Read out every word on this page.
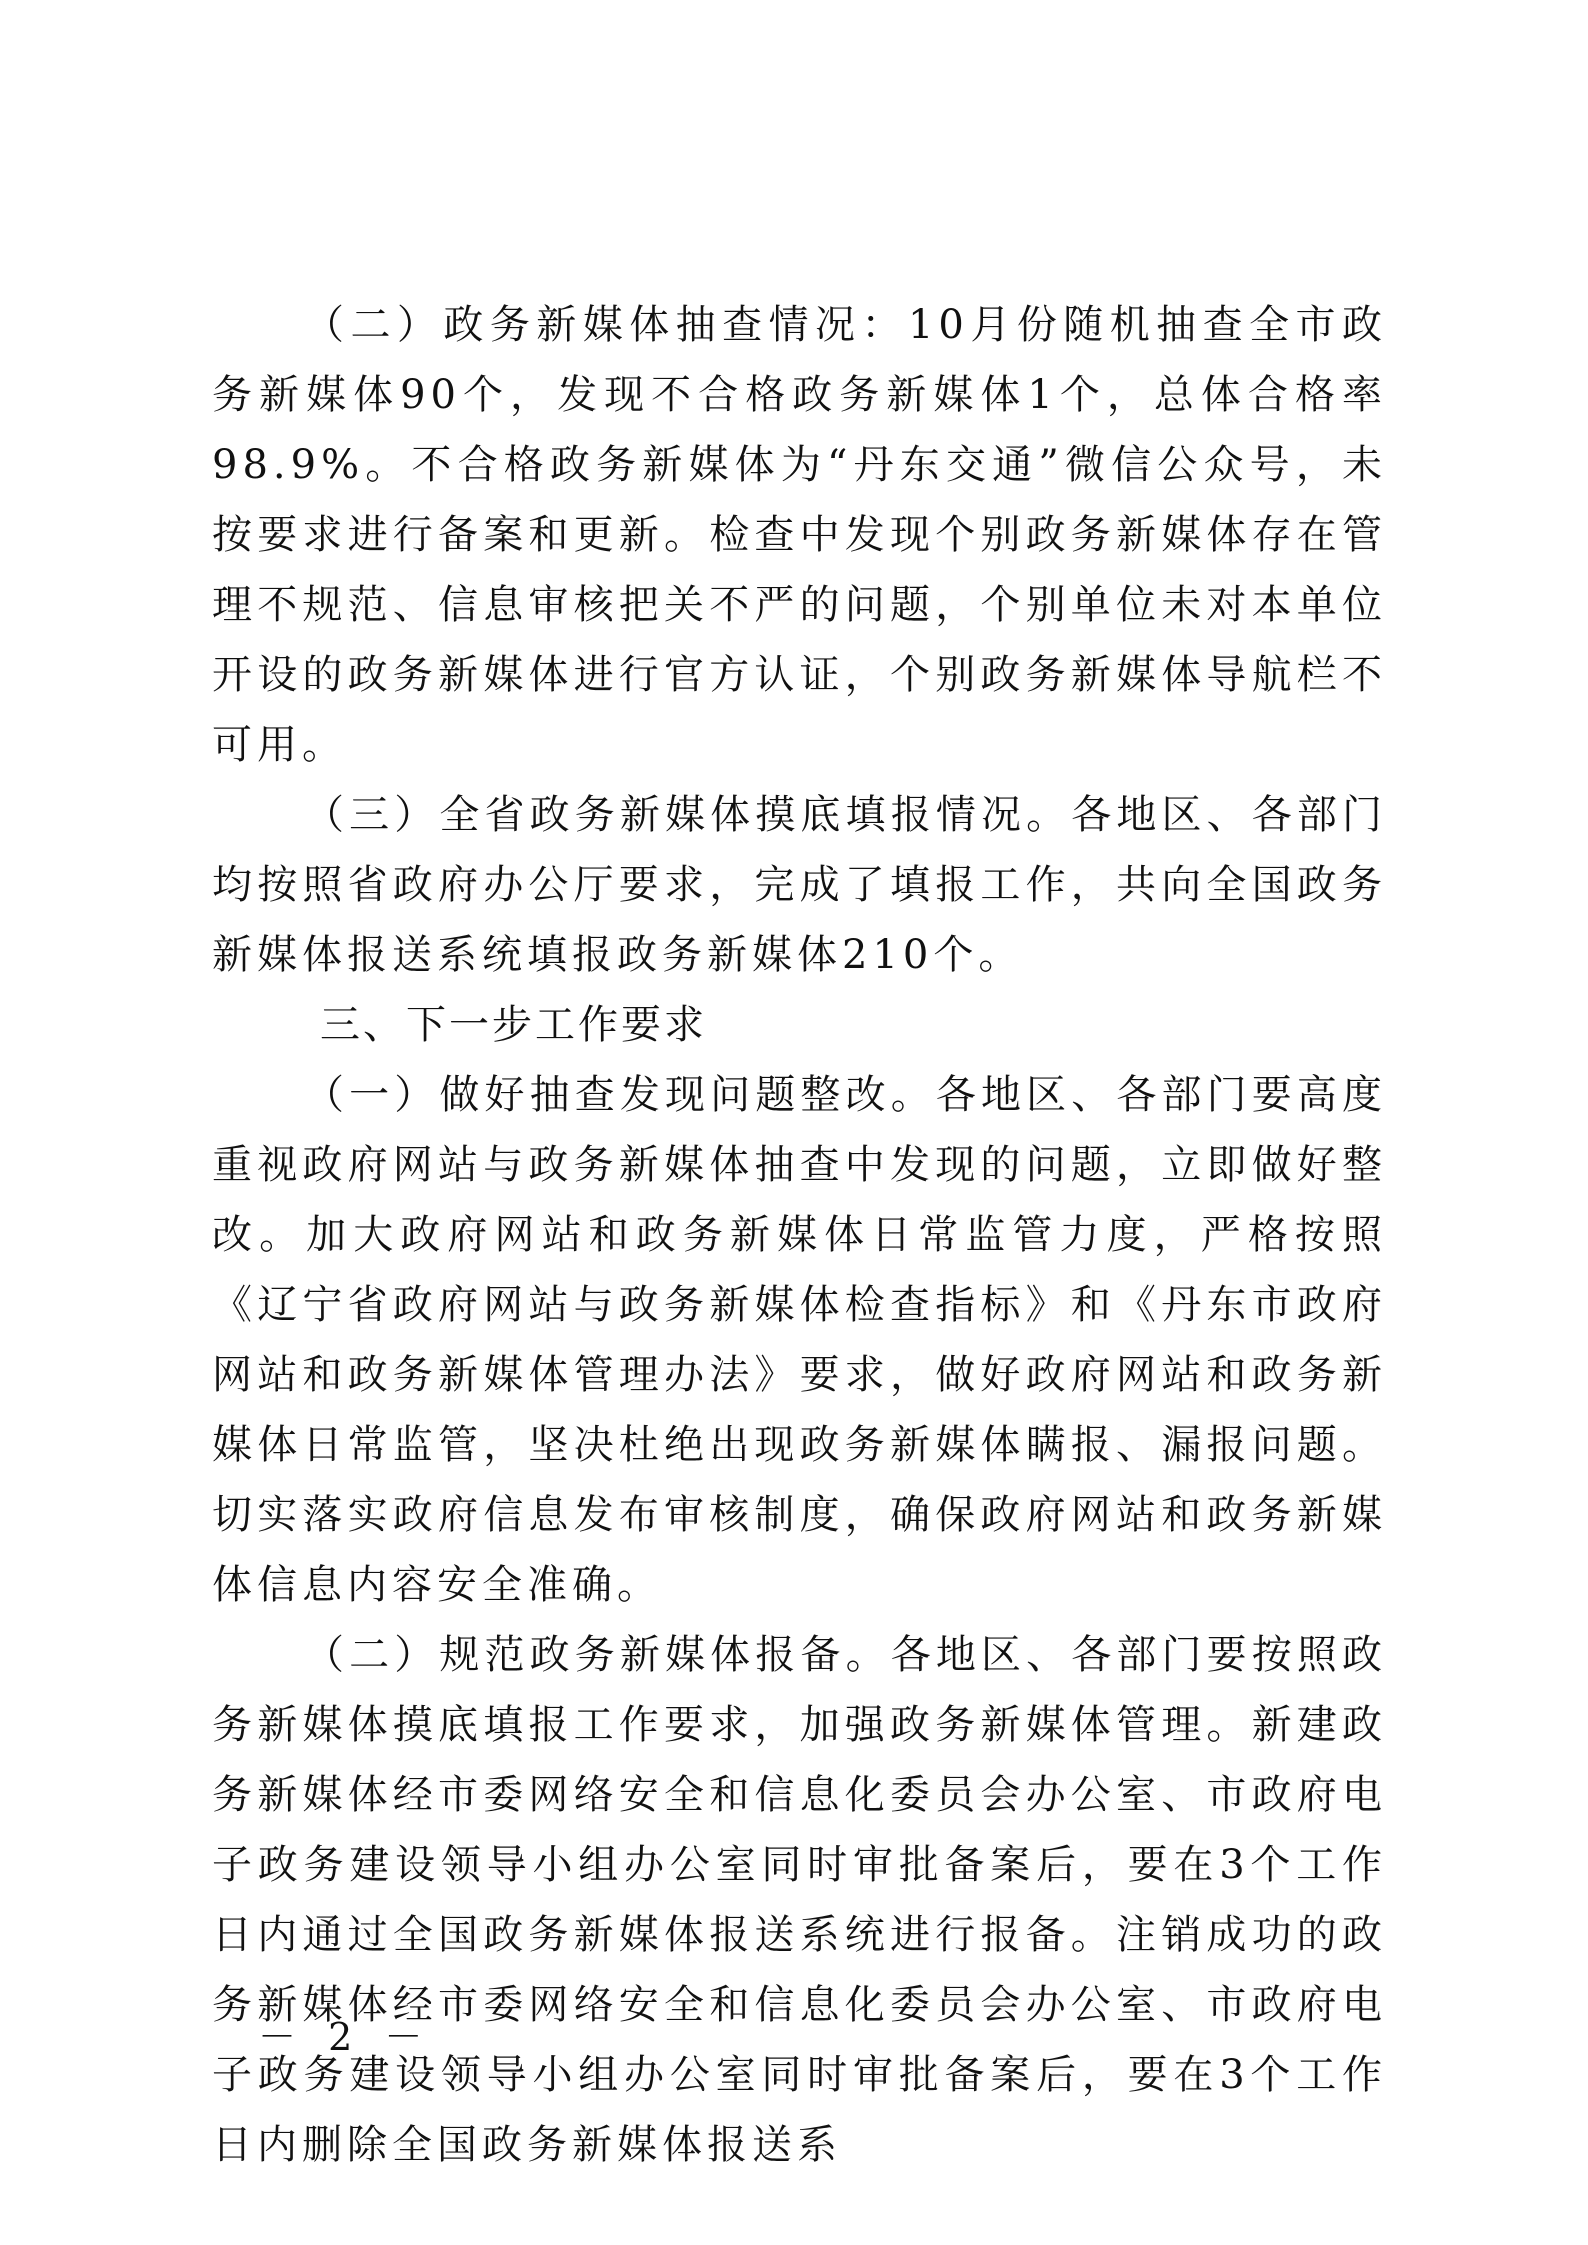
（二）政务新媒体抽查情况：10月份随机抽查全市政务新媒体90个，发现不合格政务新媒体1个，总体合格率98.9%。不合格政务新媒体为“丹东交通”微信公众号，未按要求进行备案和更新。检查中发现个别政务新媒体存在管理不规范、信息审核把关不严的问题，个别单位未对本单位开设的政务新媒体进行官方认证，个别政务新媒体导航栏不可用。

（三）全省政务新媒体摸底填报情况。各地区、各部门均按照省政府办公厅要求，完成了填报工作，共向全国政务新媒体报送系统填报政务新媒体210个。

三、下一步工作要求

（一）做好抽查发现问题整改。各地区、各部门要高度重视政府网站与政务新媒体抽查中发现的问题，立即做好整改。加大政府网站和政务新媒体日常监管力度，严格按照《辽宁省政府网站与政务新媒体检查指标》和《丹东市政府网站和政务新媒体管理办法》要求，做好政府网站和政务新媒体日常监管，坚决杜绝出现政务新媒体瞒报、漏报问题。切实落实政府信息发布审核制度，确保政府网站和政务新媒体信息内容安全准确。

（二）规范政务新媒体报备。各地区、各部门要按照政务新媒体摸底填报工作要求，加强政务新媒体管理。新建政务新媒体经市委网络安全和信息化委员会办公室、市政府电子政务建设领导小组办公室同时审批备案后，要在3个工作日内通过全国政务新媒体报送系统进行报备。注销成功的政务新媒体经市委网络安全和信息化委员会办公室、市政府电子政务建设领导小组办公室同时审批备案后，要在3个工作日内删除全国政务新媒体报送系

－ 2 －
